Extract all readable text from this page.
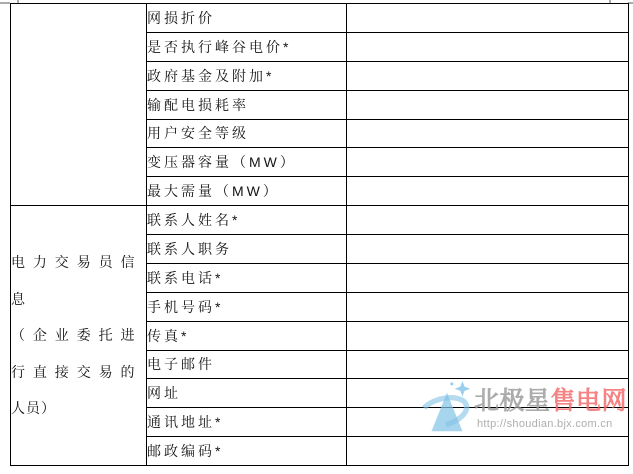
	网损折价	
	是否执行峰谷电价*	
	政府基金及附加*	
	输配电损耗率	
	用户安全等级	
	变压器容量（MW）	
	最大需量（MW）	

电力交易员信
息
（企业委托进
行直接交易的
人员）	联系人姓名*	
	联系人职务	
	联系电话*	
	手机号码*	
	传真*	
	电子邮件	
	网址	
	通讯地址*	
	邮政编码*	
北极星售电网
http://shoudian.bjx.com.cn
